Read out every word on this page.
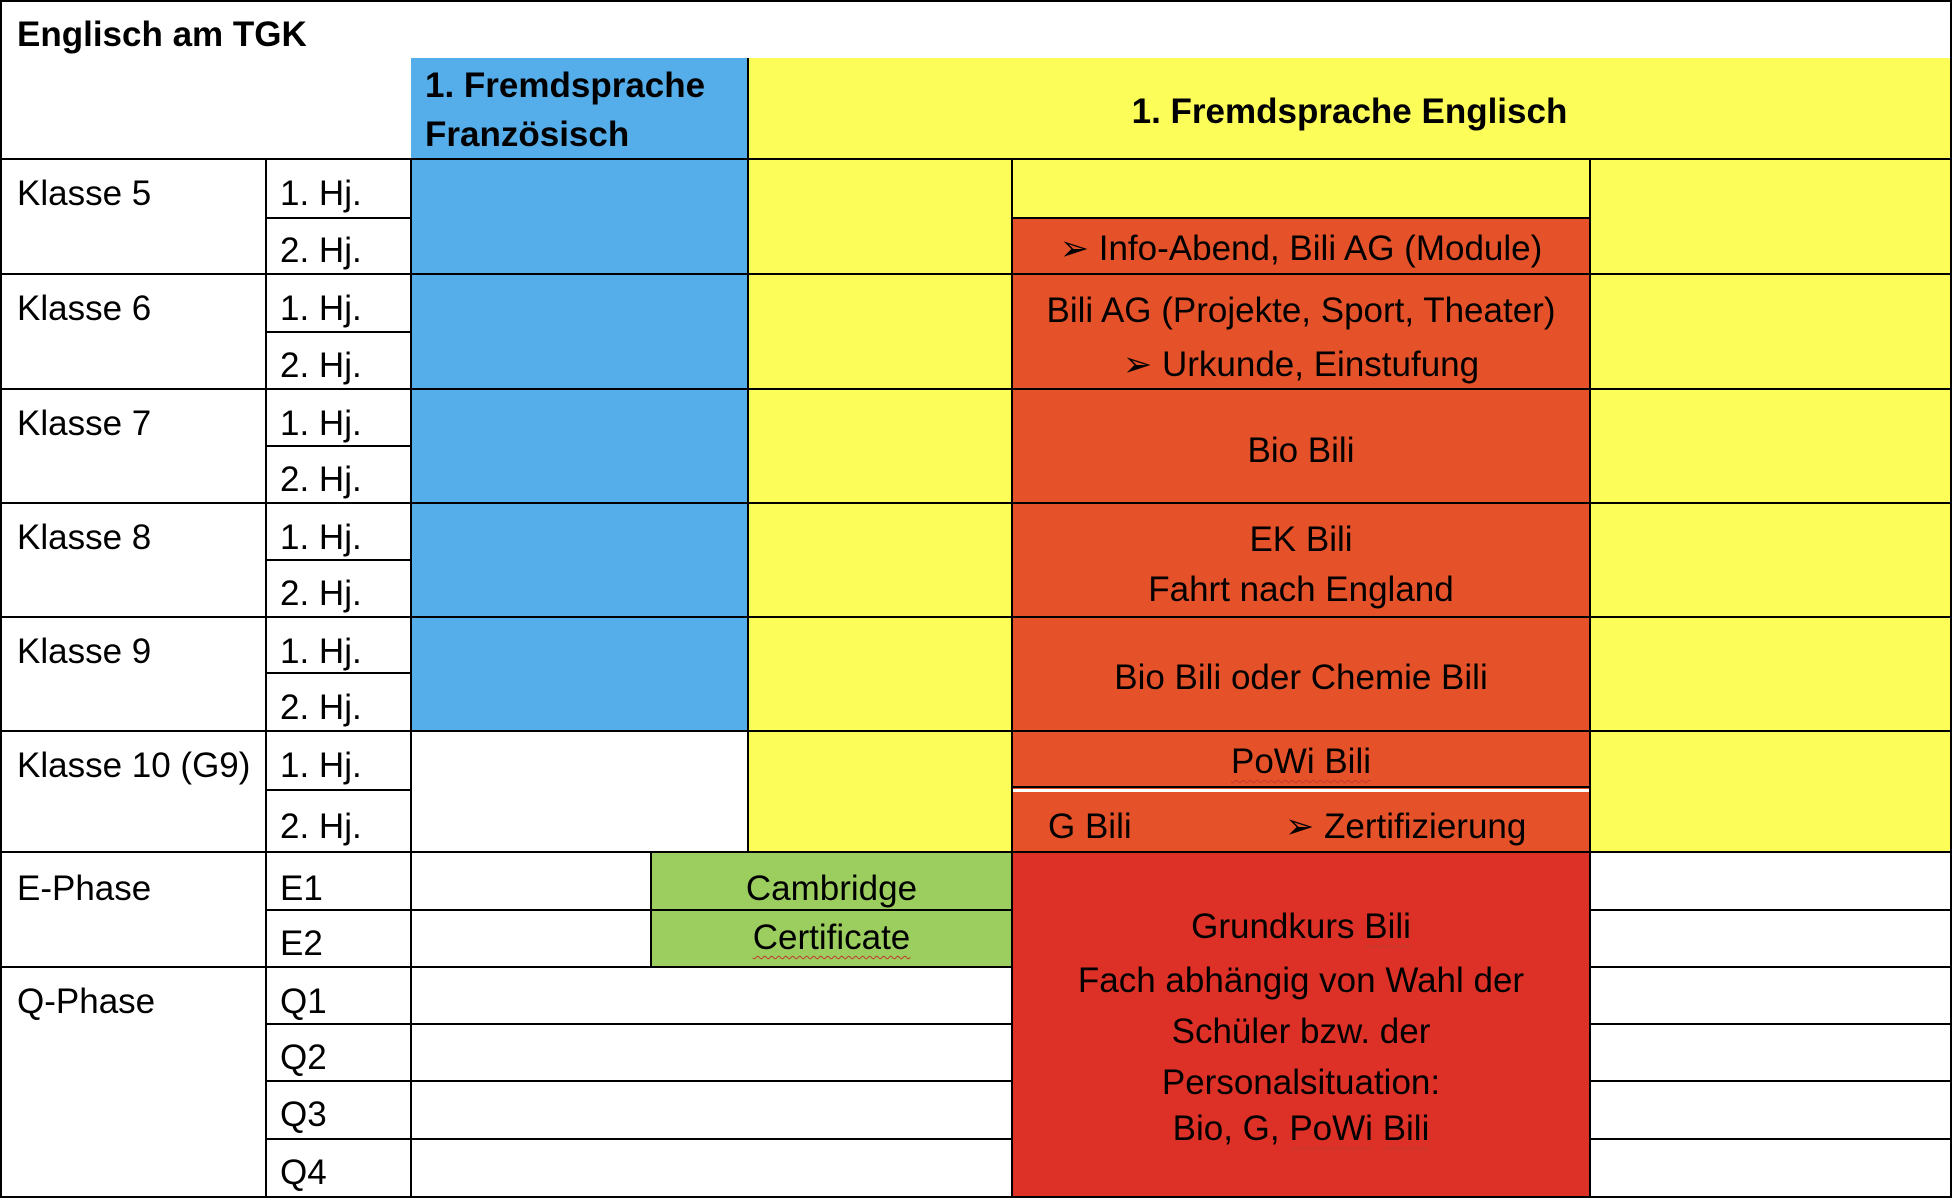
Englisch am TGK
1. Fremdsprache
Französisch
1. Fremdsprache Englisch
Klasse 5
Klasse 6
Klasse 7
Klasse 8
Klasse 9
Klasse 10 (G9)
E-Phase
Q-Phase
1. Hj.
2. Hj.
1. Hj.
2. Hj.
1. Hj.
2. Hj.
1. Hj.
2. Hj.
1. Hj.
2. Hj.
1. Hj.
2. Hj.
E1
E2
Q1
Q2
Q3
Q4
➢ Info-Abend, Bili AG (Module)
Bili AG (Projekte, Sport, Theater)
➢ Urkunde, Einstufung
Bio Bili
EK Bili
Fahrt nach England
Bio Bili oder Chemie Bili
PoWi Bili
G Bili	➢ Zertifizierung
Grundkurs Bili
Fach abhängig von Wahl der
Schüler bzw. der
Personalsituation:
Bio, G, PoWi Bili
Cambridge
Certificate
